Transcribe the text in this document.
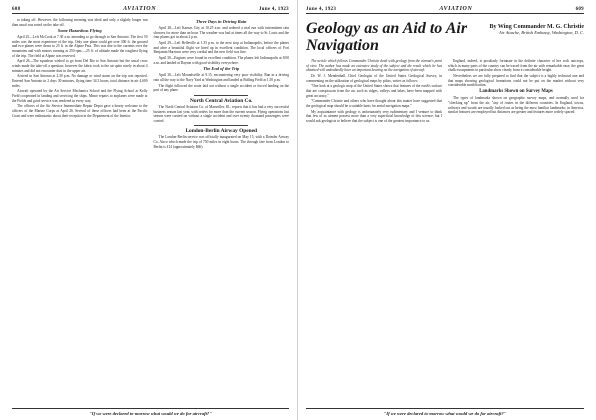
608	AVIATION	June 4, 1923

to taking off. However, the following morning was ideal and only a slightly longer run than usual was noted on the take off.

Some Hazardous Flying

April 25—Left McCook at 7.30 a.m. intending to go through to San Antonio. The first 50 miles was the most experience of the trip. Only one plane could get over 300 ft. the ground and two planes were down to 25 ft. in the Alpine Pass. This was due to the currents over the mountains and with motors running at 250 rpm.—25 ft. of altitude made the roughest flying of the trip. The field at Alpine was reserved.

April 26—The squadron wished to go from Del Rio to San Antonio but the usual cross winds made the take-off a question; however the fabric took to the air quite nicely in about 4 minutes and did not encounter dust in the upper air.

Arrived in San Antonio at 2.30 p.m. No damage or wind storm on the trip was reported. Entered San Antonio in 2 days 30 minutes, flying time 34.3 hours, total distance in air 4,600 miles.

Aircraft operated by the Air Service Mechanics School and the Flying School at Kelly Field cooperated in landing and servicing the ships. Minor repairs to airplanes were made at the Fields and good service was rendered in every way.

The officers of the Air Service Intermediate Repair Depot gave a hearty welcome to the officers of the Marine Corps at April 26. Several of these officers had been at the Pacific Coast and were enthusiastic about their reception in the Department of the Interior.

Three Days in Driving Rain

April 28—Left Kansas City at 10.25 a.m. and ordered a trial run with intermittent rain showers for more than an hour. The weather was bad at times all the way to St. Louis and the four planes got in about 2 p.m.

April 29—Left Belleville at 1.35 p.m. to the next stop at Indianapolis, before the planes and after a beautiful flight we lined up in excellent condition. The local officers of Fort Benjamin Harrison were very cordial and the new field was fine.

April 30—Engines were found in excellent condition. The planes left Indianapolis at 8.00 a.m. and landed at Dayton with good visibility everywhere.

The End of the Trip

April 30—Left Moundsville at 9.15, encountering very poor visibility. Ran in a driving rain all the way to the Navy Yard at Washington and landed at Bolling Field at 1.50 p.m.

The flight followed the route laid out without a single accident or forced landing on the part of any plane.

North Central Aviation Co.

The North Central Aviation Co. of Marseilles, Ill., reports that it has had a very successful business season last year, with orders for more than the current season. Flying operations last season were carried on without a single accident and over twenty thousand passengers were carried.

London-Berlin Airway Opened

The London-Berlin service was officially inaugurated on May 15, with a Daimler Airway Co. Airco which made the trip of 750 miles in eight hours. The through fare from London to Berlin is £14 (approximately $66).

"If we were declared to-morrow what would we do for aircraft?"
June 4, 1923	AVIATION	609
Geology as an Aid to Air Navigation
By Wing Commander M. G. Christie
Air Attache, British Embassy, Washington, D. C.

The article which follows Commander Christie dealt with geology from the airman's point of view. The author has made an extensive study of the subject and the result which he has obtained will undoubtedly have an important bearing on the navigation of aircraft.

Dr. W. J. Mendenhall, Chief Geologist of the United States Geological Survey, in commenting on the utilization of geological maps by pilots, writes as follows:

"One look at a geologic map of the United States shows that features of the earth's surface that are conspicuous from the air, such as ridges, valleys and lakes, have been mapped with great accuracy."

"Commander Christie and others who have thought about this matter have suggested that the geological map should be a suitable basis for aerial navigation maps."

My acquaintance with geology is unfortunately very rudimentary and I venture to think that few of us airmen possess more than a very superficial knowledge of this science; but I would ask geologists to believe that the subject is one of the greatest importance to us.

England, indeed, is peculiarly fortunate in the definite character of her rock outcrops, which in many parts of the country can be traced from the air with remarkable ease; the great chalk escarpments in particular show clearly from a considerable height.

Nevertheless we are fully prepared to find that the subject is a highly technical one and that maps showing geological formations could not be put on the market without very considerable modification.

Landmarks Shown on Survey Maps

The types of landmarks shown on geographic survey maps, and normally used for "checking up" from the air, "any of routes in the different countries. In England, towns, railways and woods are usually looked out as being the most familiar landmarks; in America, similar features are employed but distances are greater and features more widely spaced.

"If we were declared to-morrow what would we do for aircraft?"
